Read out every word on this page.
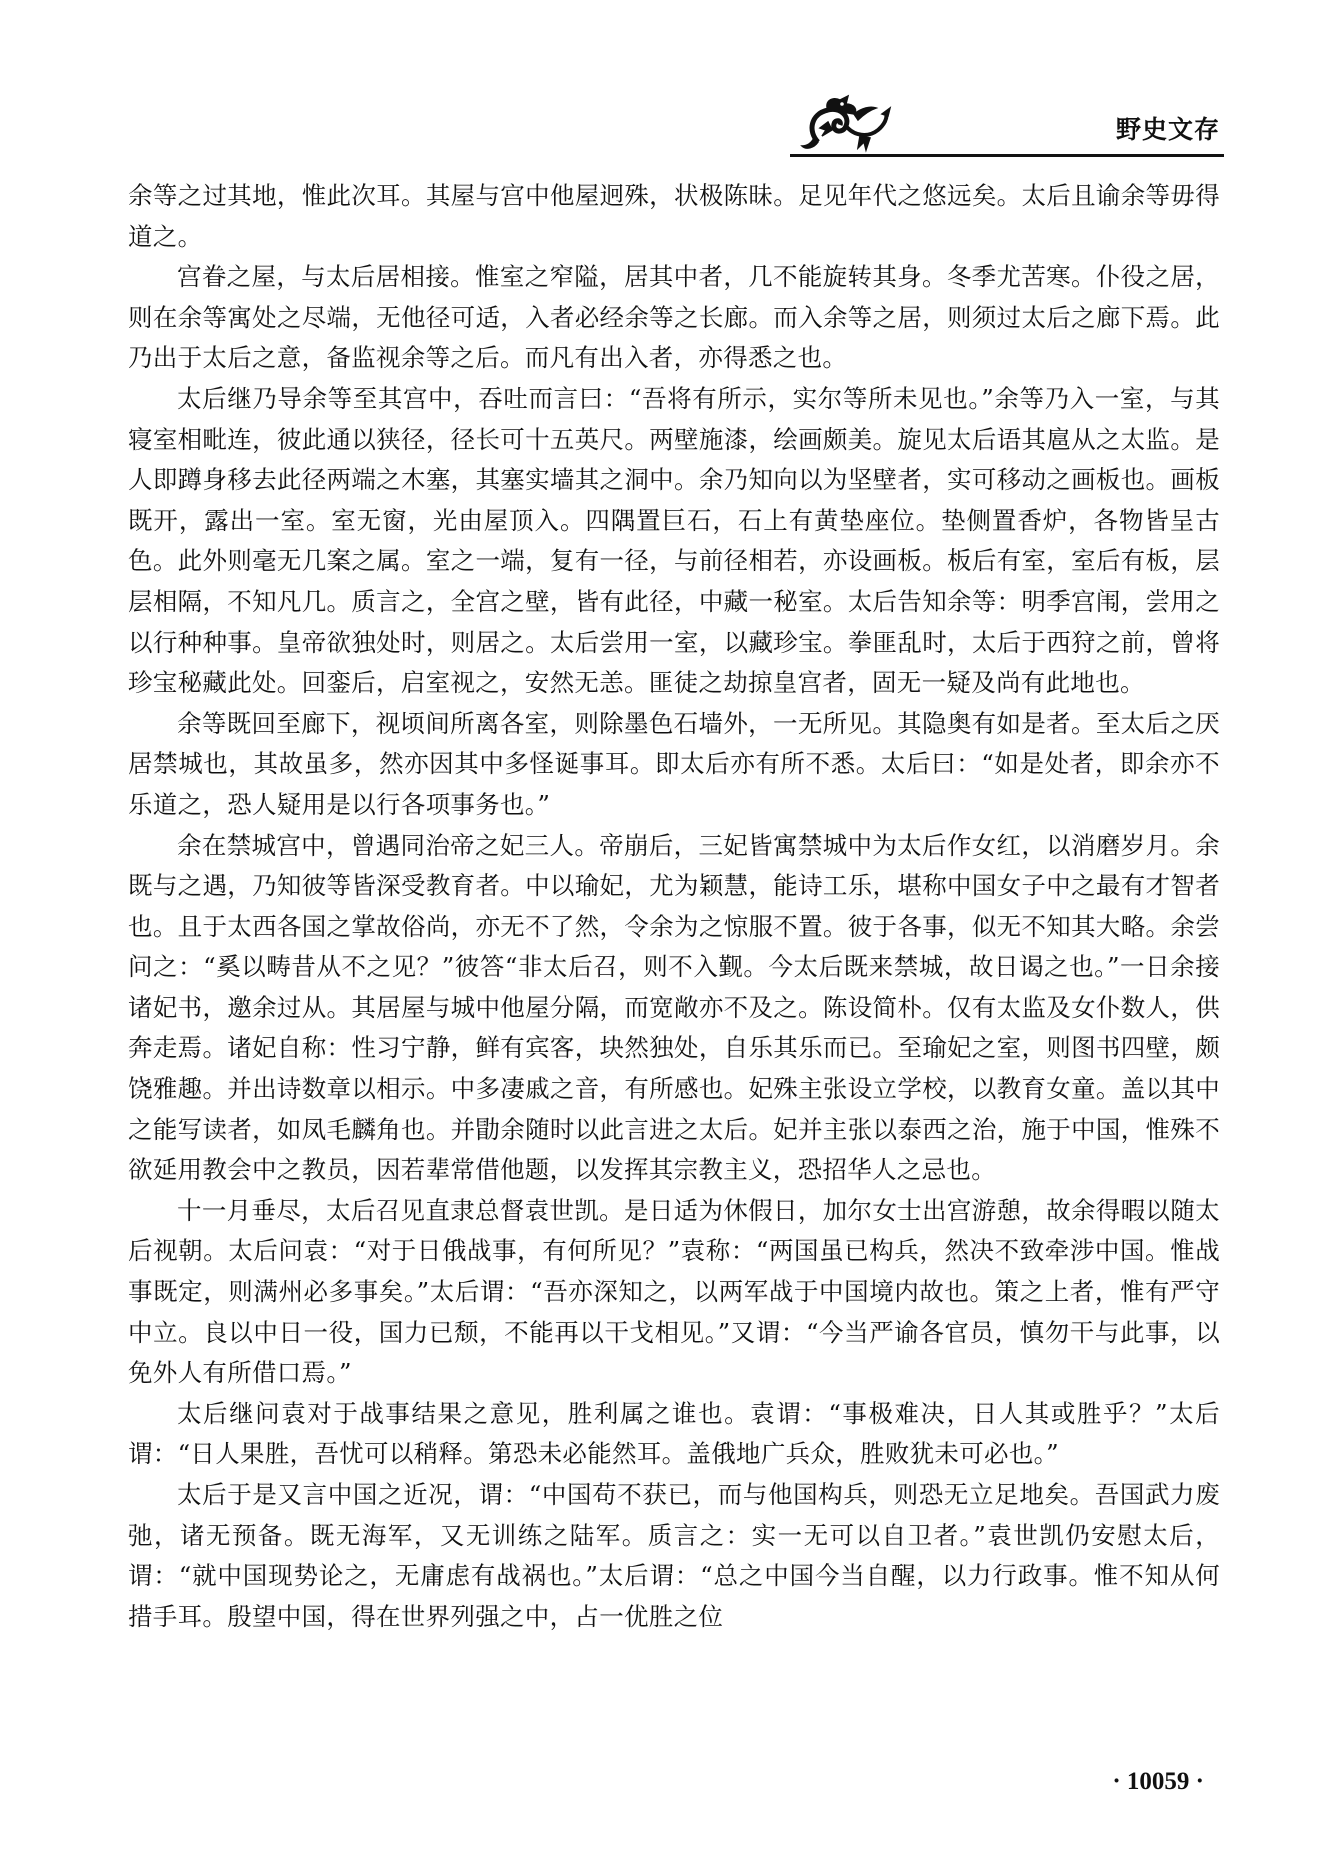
野史文存

余等之过其地，惟此次耳。其屋与宫中他屋迥殊，状极陈昧。足见年代之悠远矣。太后且谕余等毋得道之。

宫眷之屋，与太后居相接。惟室之窄隘，居其中者，几不能旋转其身。冬季尤苦寒。仆役之居，则在余等寓处之尽端，无他径可适，入者必经余等之长廊。而入余等之居，则须过太后之廊下焉。此乃出于太后之意，备监视余等之后。而凡有出入者，亦得悉之也。

太后继乃导余等至其宫中，吞吐而言曰：“吾将有所示，实尔等所未见也。”余等乃入一室，与其寝室相毗连，彼此通以狭径，径长可十五英尺。两壁施漆，绘画颇美。旋见太后语其扈从之太监。是人即蹲身移去此径两端之木塞，其塞实墙其之洞中。余乃知向以为坚壁者，实可移动之画板也。画板既开，露出一室。室无窗，光由屋顶入。四隅置巨石，石上有黄垫座位。垫侧置香炉，各物皆呈古色。此外则毫无几案之属。室之一端，复有一径，与前径相若，亦设画板。板后有室，室后有板，层层相隔，不知凡几。质言之，全宫之壁，皆有此径，中藏一秘室。太后告知余等：明季宫闱，尝用之以行种种事。皇帝欲独处时，则居之。太后尝用一室，以藏珍宝。拳匪乱时，太后于西狩之前，曾将珍宝秘藏此处。回銮后，启室视之，安然无恙。匪徒之劫掠皇宫者，固无一疑及尚有此地也。

余等既回至廊下，视顷间所离各室，则除墨色石墙外，一无所见。其隐奥有如是者。至太后之厌居禁城也，其故虽多，然亦因其中多怪诞事耳。即太后亦有所不悉。太后曰：“如是处者，即余亦不乐道之，恐人疑用是以行各项事务也。”

余在禁城宫中，曾遇同治帝之妃三人。帝崩后，三妃皆寓禁城中为太后作女红，以消磨岁月。余既与之遇，乃知彼等皆深受教育者。中以瑜妃，尤为颖慧，能诗工乐，堪称中国女子中之最有才智者也。且于太西各国之掌故俗尚，亦无不了然，令余为之惊服不置。彼于各事，似无不知其大略。余尝问之：“奚以畴昔从不之见？”彼答“非太后召，则不入觐。今太后既来禁城，故日谒之也。”一日余接诸妃书，邀余过从。其居屋与城中他屋分隔，而宽敞亦不及之。陈设简朴。仅有太监及女仆数人，供奔走焉。诸妃自称：性习宁静，鲜有宾客，块然独处，自乐其乐而已。至瑜妃之室，则图书四壁，颇饶雅趣。并出诗数章以相示。中多凄戚之音，有所感也。妃殊主张设立学校，以教育女童。盖以其中之能写读者，如凤毛麟角也。并勖余随时以此言进之太后。妃并主张以泰西之治，施于中国，惟殊不欲延用教会中之教员，因若辈常借他题，以发挥其宗教主义，恐招华人之忌也。

十一月垂尽，太后召见直隶总督袁世凯。是日适为休假日，加尔女士出宫游憩，故余得暇以随太后视朝。太后问袁：“对于日俄战事，有何所见？”袁称：“两国虽已构兵，然决不致牵涉中国。惟战事既定，则满州必多事矣。”太后谓：“吾亦深知之，以两军战于中国境内故也。策之上者，惟有严守中立。良以中日一役，国力已颓，不能再以干戈相见。”又谓：“今当严谕各官员，慎勿干与此事，以免外人有所借口焉。”

太后继问袁对于战事结果之意见，胜利属之谁也。袁谓：“事极难决，日人其或胜乎？”太后谓：“日人果胜，吾忧可以稍释。第恐未必能然耳。盖俄地广兵众，胜败犹未可必也。”

太后于是又言中国之近况，谓：“中国苟不获已，而与他国构兵，则恐无立足地矣。吾国武力废弛，诸无预备。既无海军，又无训练之陆军。质言之：实一无可以自卫者。”袁世凯仍安慰太后，谓：“就中国现势论之，无庸虑有战祸也。”太后谓：“总之中国今当自醒，以力行政事。惟不知从何措手耳。殷望中国，得在世界列强之中，占一优胜之位

· 10059 ·
